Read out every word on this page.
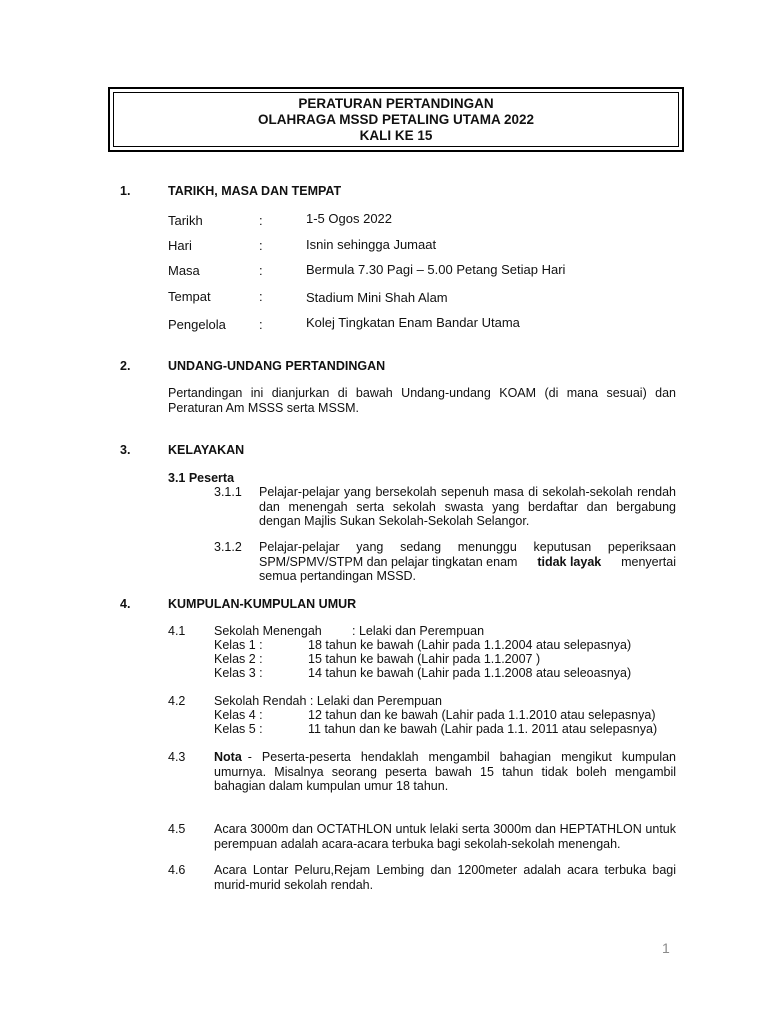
PERATURAN PERTANDINGAN
OLAHRAGA MSSD PETALING UTAMA 2022
KALI KE 15
1.	TARIKH, MASA DAN TEMPAT
Tarikh	:	1-5 Ogos 2022
Hari	:	Isnin sehingga Jumaat
Masa	:	Bermula 7.30 Pagi – 5.00 Petang Setiap Hari
Tempat	:	Stadium Mini Shah Alam
Pengelola	:	Kolej Tingkatan Enam Bandar Utama
2.	UNDANG-UNDANG PERTANDINGAN
Pertandingan ini dianjurkan di bawah Undang-undang KOAM (di mana sesuai) dan
Peraturan Am MSSS serta MSSM.
3.	KELAYAKAN
3.1 Peserta
3.1.1 Pelajar-pelajar yang bersekolah sepenuh masa di sekolah-sekolah rendah
dan menengah serta sekolah swasta yang berdaftar dan bergabung
dengan Majlis Sukan Sekolah-Sekolah Selangor.
3.1.2 Pelajar-pelajar yang sedang menunggu keputusan peperiksaan
SPM/SPMV/STPM dan pelajar tingkatan enam tidak layak menyertai
semua pertandingan MSSD.
4.	KUMPULAN-KUMPULAN UMUR
4.1 Sekolah Menengah : Lelaki dan Perempuan
Kelas 1 :	18 tahun ke bawah (Lahir pada 1.1.2004 atau selepasnya)
Kelas 2 :	15 tahun ke bawah (Lahir pada 1.1.2007 )
Kelas 3 :	14 tahun ke bawah (Lahir pada 1.1.2008 atau seleoasnya)
4.2 Sekolah Rendah : Lelaki dan Perempuan
Kelas 4 :	12 tahun dan ke bawah (Lahir pada 1.1.2010 atau selepasnya)
Kelas 5 :	11 tahun dan ke bawah (Lahir pada 1.1. 2011 atau selepasnya)
4.3 Nota - Peserta-peserta hendaklah mengambil bahagian mengikut kumpulan
umurnya. Misalnya seorang peserta bawah 15 tahun tidak boleh mengambil
bahagian dalam kumpulan umur 18 tahun.
4.5 Acara 3000m dan OCTATHLON untuk lelaki serta 3000m dan HEPTATHLON untuk
perempuan adalah acara-acara terbuka bagi sekolah-sekolah menengah.
4.6 Acara Lontar Peluru,Rejam Lembing dan 1200meter adalah acara terbuka bagi
murid-murid sekolah rendah.
1
